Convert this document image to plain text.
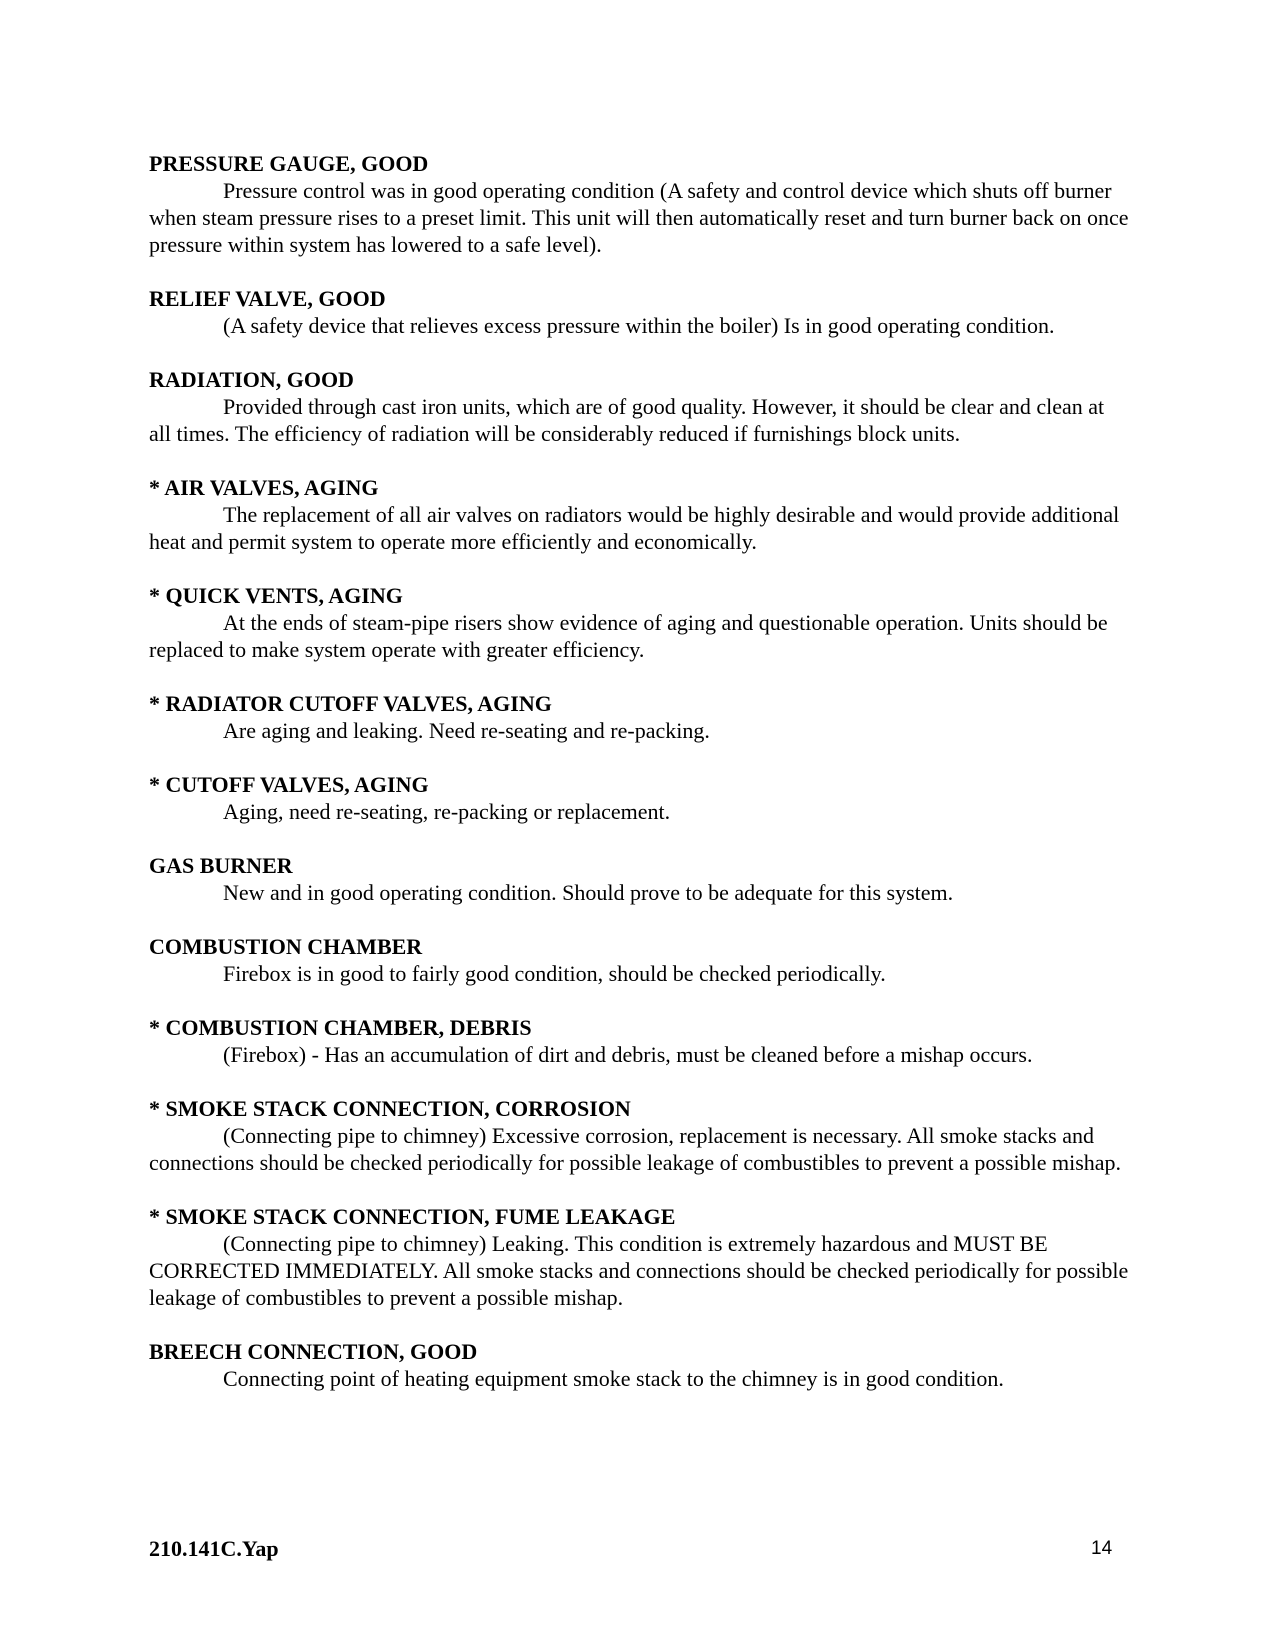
PRESSURE GAUGE, GOOD

Pressure control was in good operating condition (A safety and control device which shuts off burner when steam pressure rises to a preset limit. This unit will then automatically reset and turn burner back on once pressure within system has lowered to a safe level).

RELIEF VALVE, GOOD

(A safety device that relieves excess pressure within the boiler) Is in good operating condition.

RADIATION, GOOD

Provided through cast iron units, which are of good quality. However, it should be clear and clean at all times. The efficiency of radiation will be considerably reduced if furnishings block units.

* AIR VALVES, AGING

The replacement of all air valves on radiators would be highly desirable and would provide additional heat and permit system to operate more efficiently and economically.

* QUICK VENTS, AGING

At the ends of steam-pipe risers show evidence of aging and questionable operation. Units should be replaced to make system operate with greater efficiency.

* RADIATOR CUTOFF VALVES, AGING

Are aging and leaking. Need re-seating and re-packing.

* CUTOFF VALVES, AGING

Aging, need re-seating, re-packing or replacement.

GAS BURNER

New and in good operating condition. Should prove to be adequate for this system.

COMBUSTION CHAMBER

Firebox is in good to fairly good condition, should be checked periodically.

* COMBUSTION CHAMBER, DEBRIS

(Firebox) - Has an accumulation of dirt and debris, must be cleaned before a mishap occurs.

* SMOKE STACK CONNECTION, CORROSION

(Connecting pipe to chimney) Excessive corrosion, replacement is necessary. All smoke stacks and connections should be checked periodically for possible leakage of combustibles to prevent a possible mishap.

* SMOKE STACK CONNECTION, FUME LEAKAGE

(Connecting pipe to chimney) Leaking. This condition is extremely hazardous and MUST BE CORRECTED IMMEDIATELY. All smoke stacks and connections should be checked periodically for possible leakage of combustibles to prevent a possible mishap.

BREECH CONNECTION, GOOD

Connecting point of heating equipment smoke stack to the chimney is in good condition.

210.141C.Yap	14
